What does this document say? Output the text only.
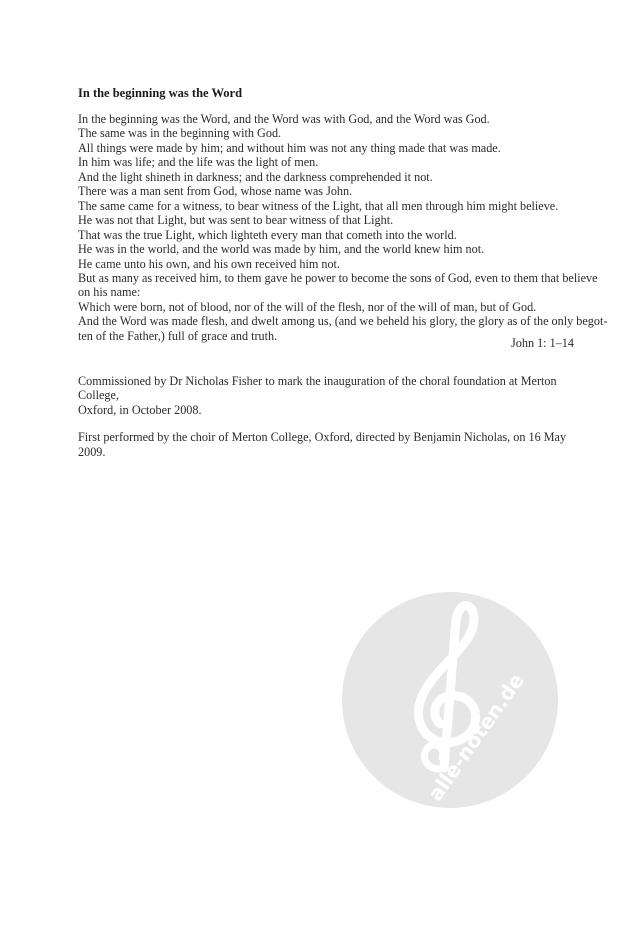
In the beginning was the Word
In the beginning was the Word, and the Word was with God, and the Word was God.
The same was in the beginning with God.
All things were made by him; and without him was not any thing made that was made.
In him was life; and the life was the light of men.
And the light shineth in darkness; and the darkness comprehended it not.
There was a man sent from God, whose name was John.
The same came for a witness, to bear witness of the Light, that all men through him might believe.
He was not that Light, but was sent to bear witness of that Light.
That was the true Light, which lighteth every man that cometh into the world.
He was in the world, and the world was made by him, and the world knew him not.
He came unto his own, and his own received him not.
But as many as received him, to them gave he power to become the sons of God, even to them that believe
on his name:
Which were born, not of blood, nor of the will of the flesh, nor of the will of man, but of God.
And the Word was made flesh, and dwelt among us, (and we beheld his glory, the glory as of the only begot-
ten of the Father,) full of grace and truth.
John 1: 1–14

Commissioned by Dr Nicholas Fisher to mark the inauguration of the choral foundation at Merton College,
Oxford, in October 2008.

First performed by the choir of Merton College, Oxford, directed by Benjamin Nicholas, on 16 May 2009.

alle-noten.de
